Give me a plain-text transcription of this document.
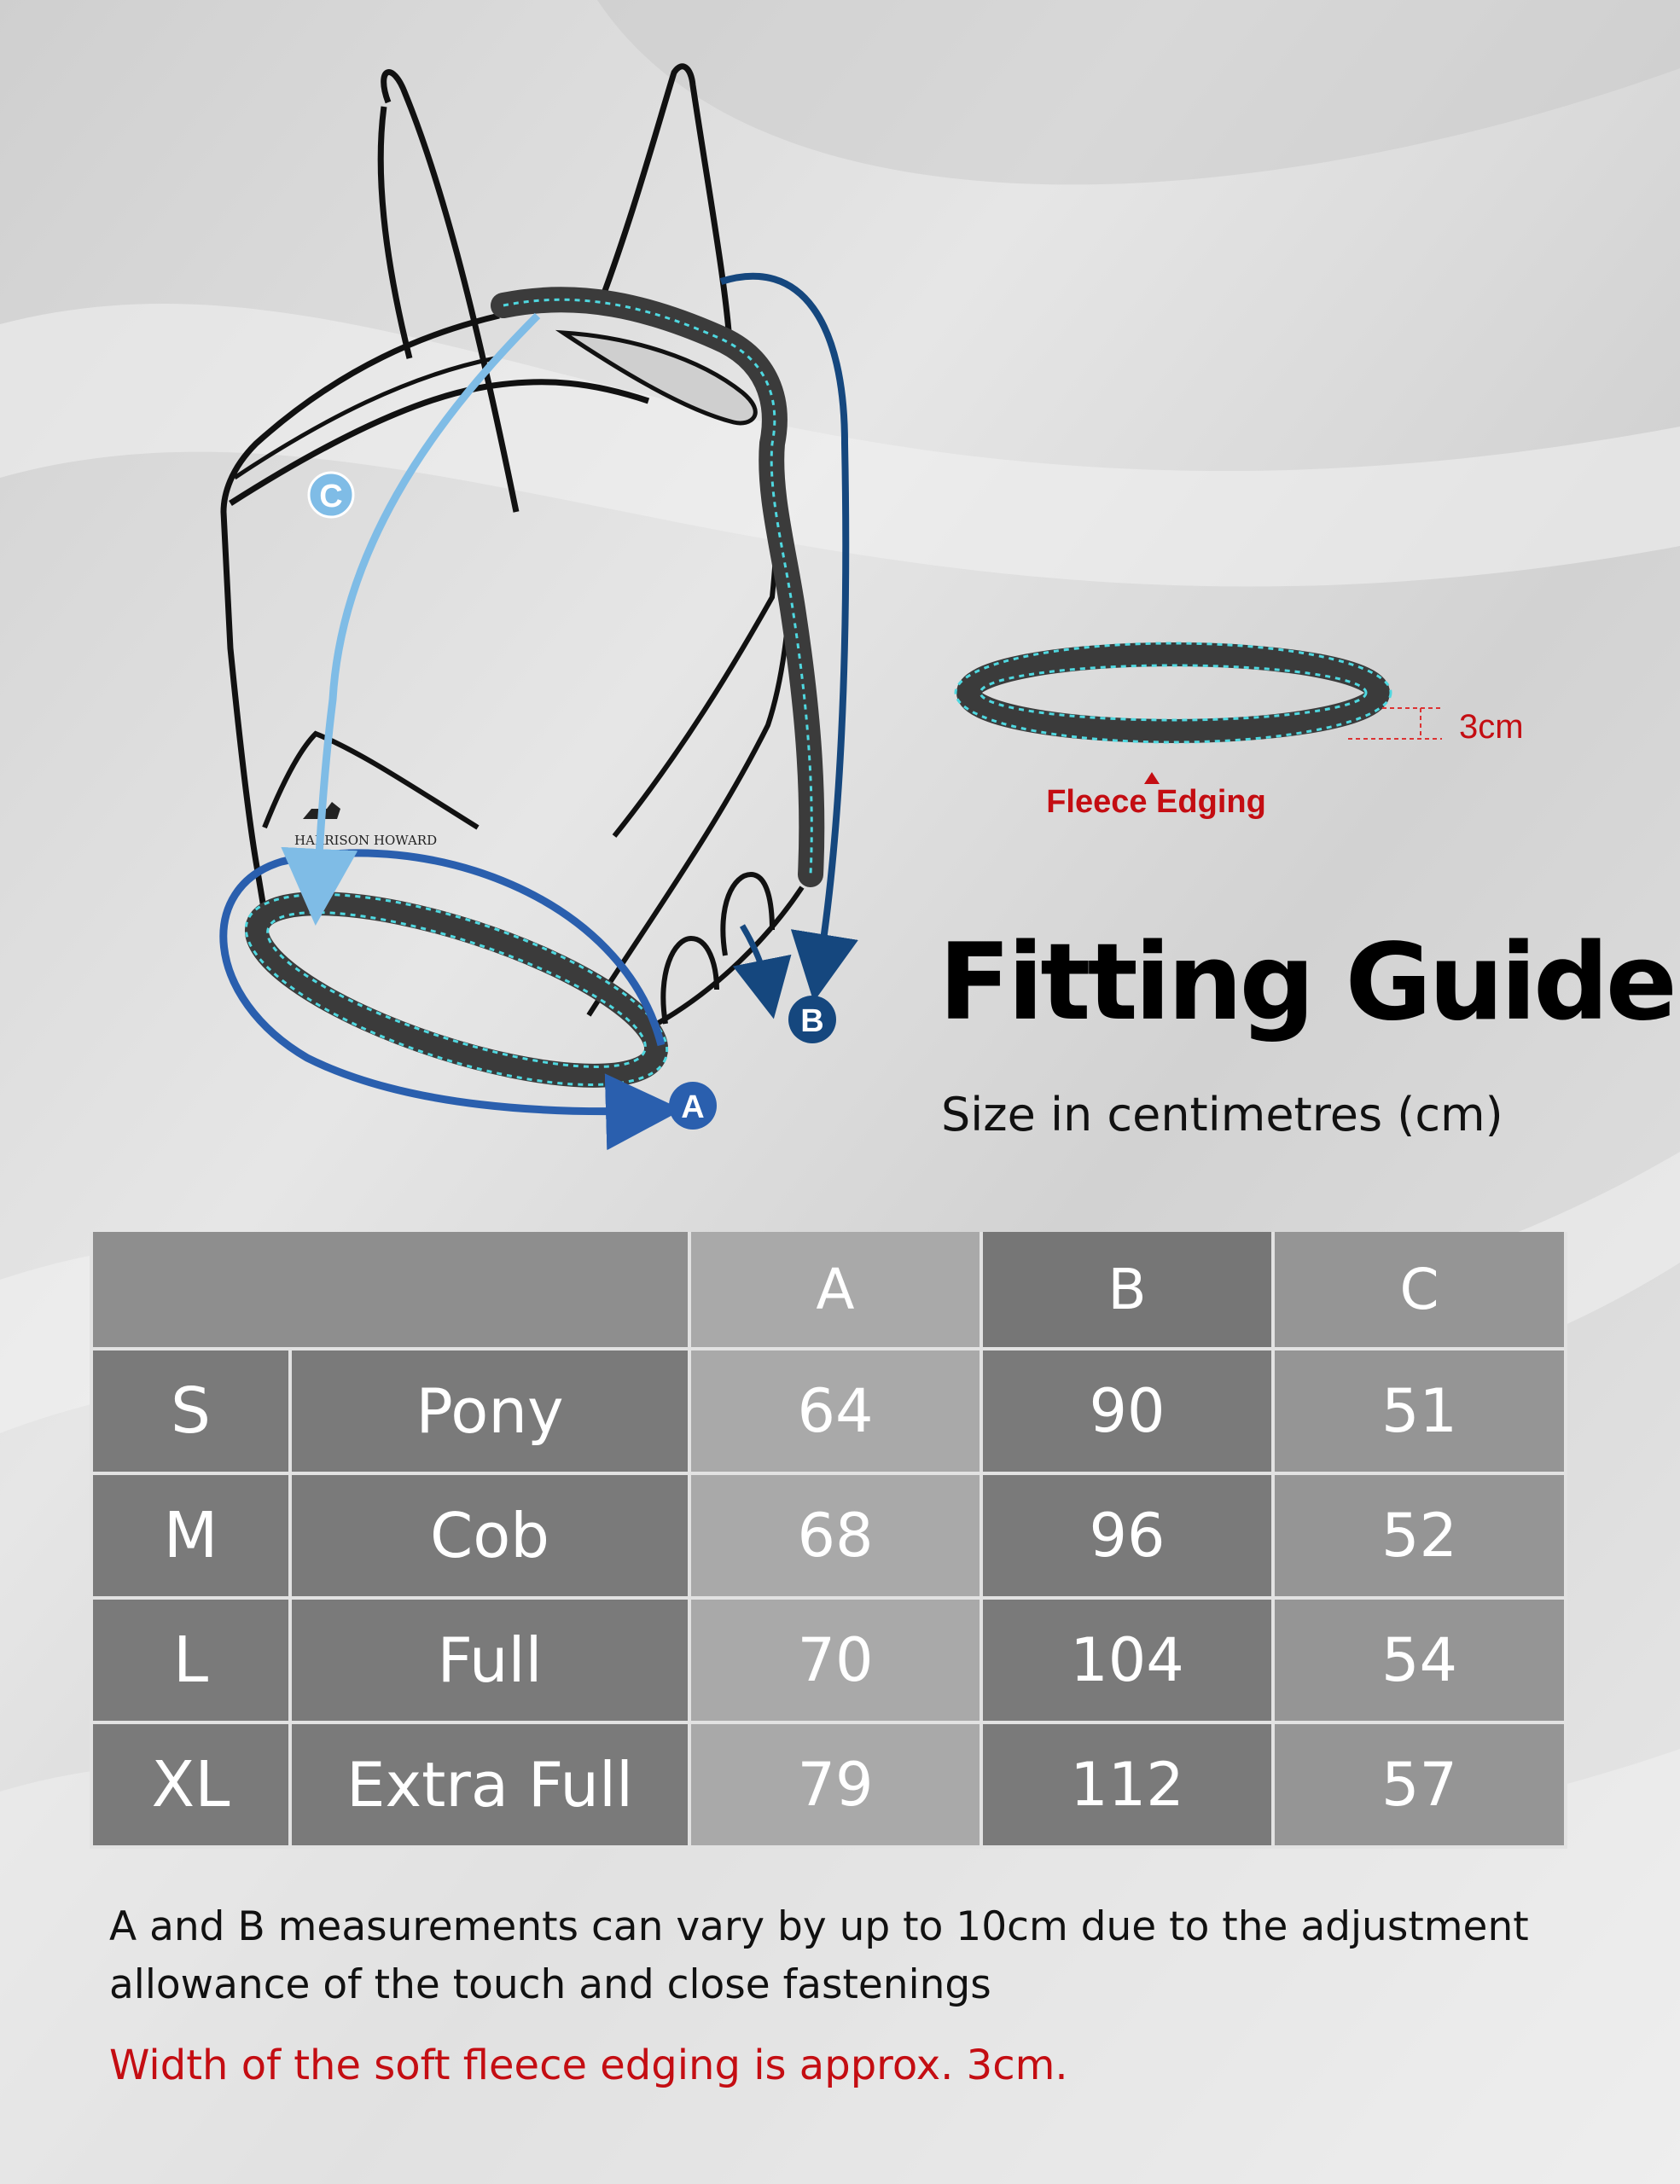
HARRISON HOWARD
C
A
B
3cm
Fleece Edging
Fitting Guide
Size in centimetres (cm)
		A	B	C
S	Pony	64	90	51
M	Cob	68	96	52
L	Full	70	104	54
XL	Extra Full	79	112	57
A and B measurements can vary by up to 10cm due to the adjustment allowance of the touch and close fastenings
Width of the soft fleece edging is approx. 3cm.
